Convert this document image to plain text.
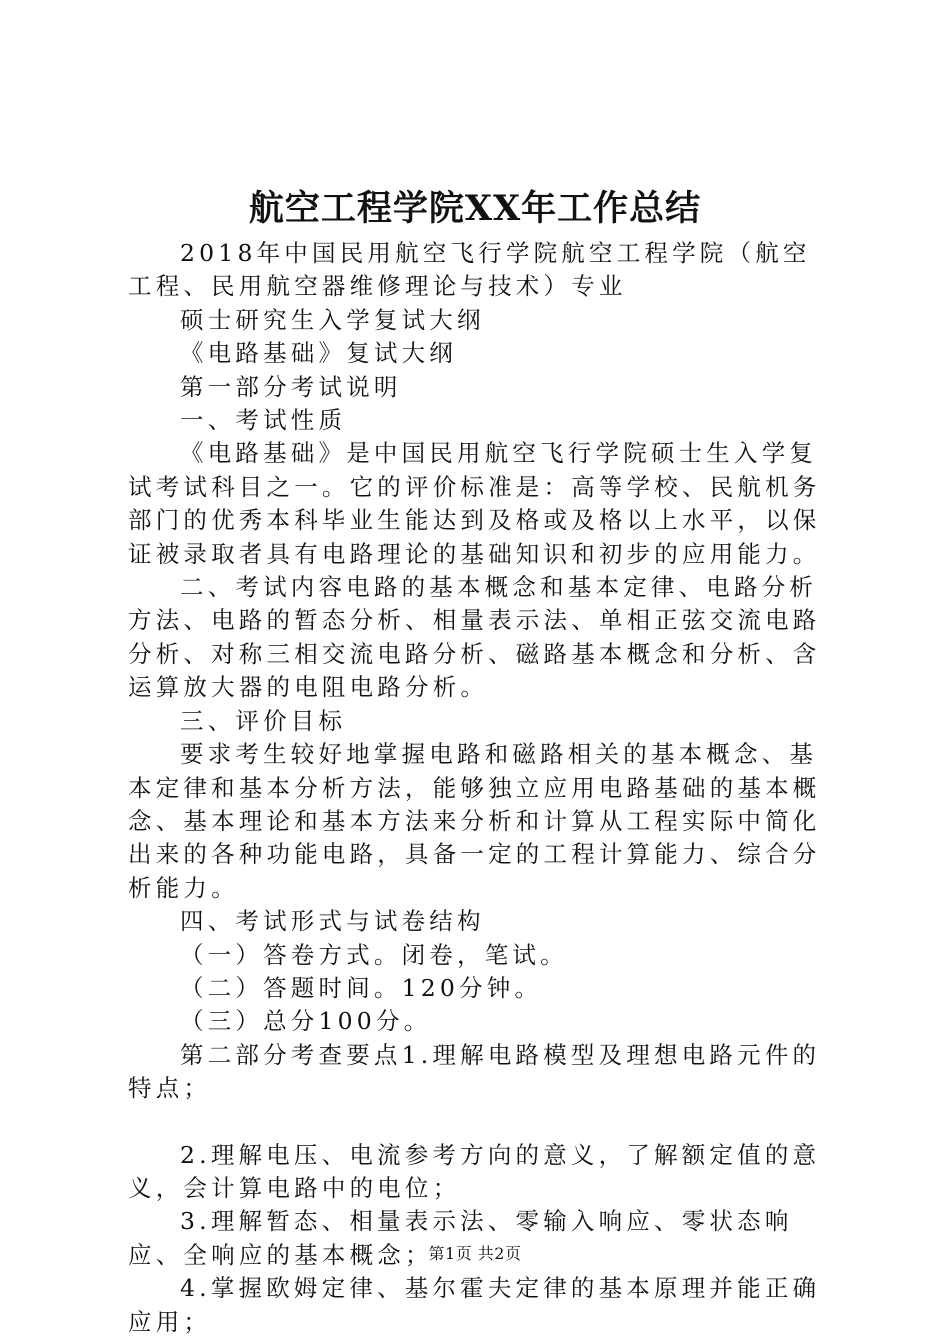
航空工程学院XX年工作总结

2018年中国民用航空飞行学院航空工程学院（航空工程、民用航空器维修理论与技术）专业

硕士研究生入学复试大纲

《电路基础》复试大纲

第一部分考试说明

一、考试性质

《电路基础》是中国民用航空飞行学院硕士生入学复试考试科目之一。它的评价标准是：高等学校、民航机务部门的优秀本科毕业生能达到及格或及格以上水平，以保证被录取者具有电路理论的基础知识和初步的应用能力。

二、考试内容电路的基本概念和基本定律、电路分析方法、电路的暂态分析、相量表示法、单相正弦交流电路分析、对称三相交流电路分析、磁路基本概念和分析、含运算放大器的电阻电路分析。

三、评价目标

要求考生较好地掌握电路和磁路相关的基本概念、基本定律和基本分析方法，能够独立应用电路基础的基本概念、基本理论和基本方法来分析和计算从工程实际中简化出来的各种功能电路，具备一定的工程计算能力、综合分析能力。

四、考试形式与试卷结构

（一）答卷方式。闭卷，笔试。

（二）答题时间。120分钟。

（三）总分100分。

第二部分考查要点1.理解电路模型及理想电路元件的特点；

2.理解电压、电流参考方向的意义，了解额定值的意义，会计算电路中的电位；

3.理解暂态、相量表示法、零输入响应、零状态响应、全响应的基本概念；

4.掌握欧姆定律、基尔霍夫定律的基本原理并能正确应用；

第1页 共2页
